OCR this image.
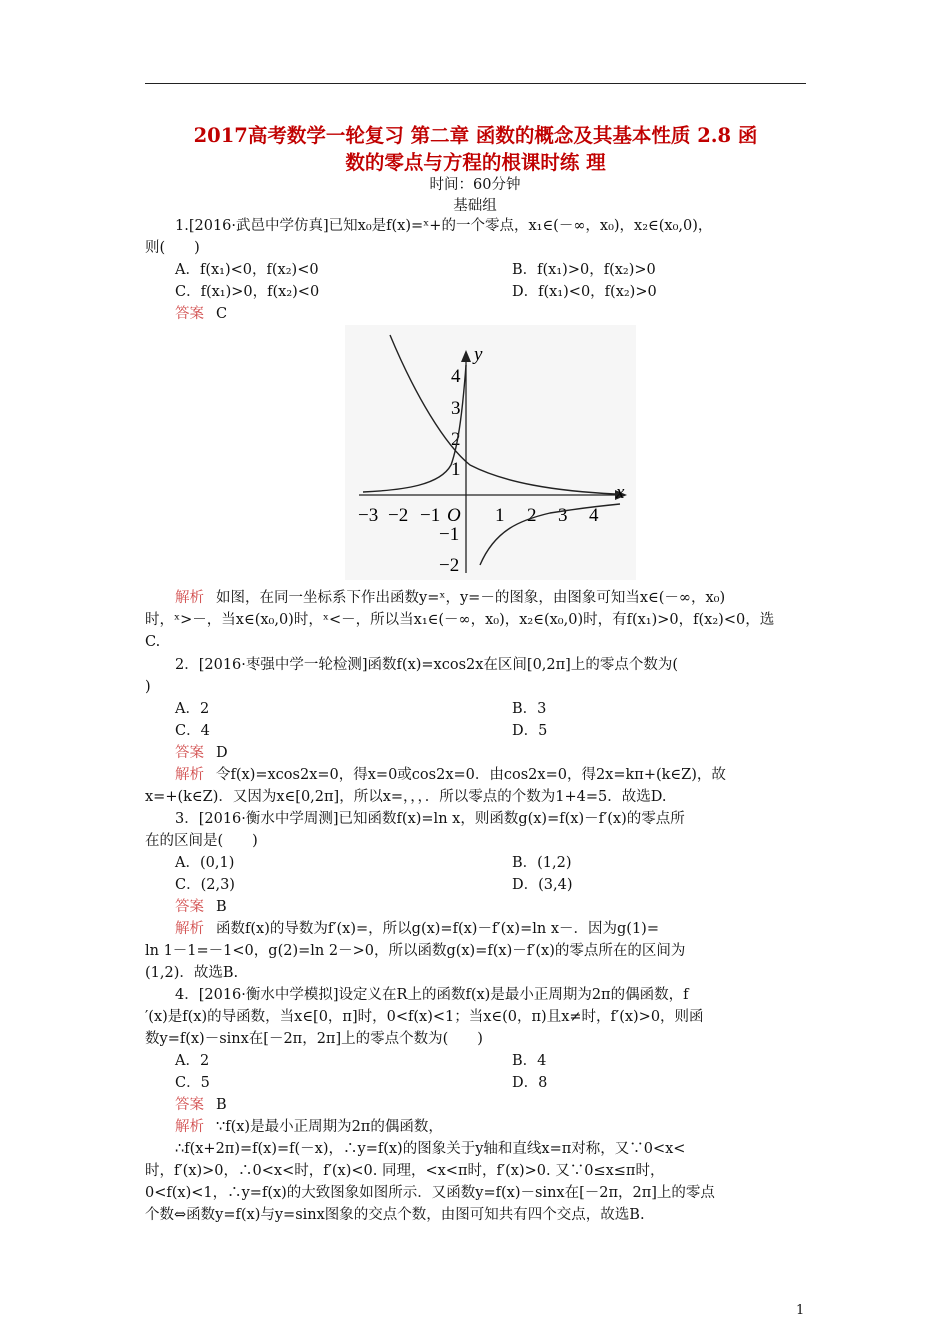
2017高考数学一轮复习 第二章 函数的概念及其基本性质 2.8 函
数的零点与方程的根课时练 理
时间：60分钟
基础组
1.[2016·武邑中学仿真]已知x₀是f(x)=ˣ+的一个零点，x₁∈(－∞，x₀)，x₂∈(x₀,0)，
则(　　)
A．f(x₁)<0，f(x₂)<0	B．f(x₁)>0，f(x₂)>0
C．f(x₁)>0，f(x₂)<0	D．f(x₁)<0，f(x₂)>0
答案 C
x
y
O
−3 −2 −1	1 2 3 4
4
3
2
1
−1
−2
解析 如图，在同一坐标系下作出函数y=ˣ，y=－的图象，由图象可知当x∈(－∞，x₀)
时，ˣ>－，当x∈(x₀,0)时，ˣ<－，所以当x₁∈(－∞，x₀)，x₂∈(x₀,0)时，有f(x₁)>0，f(x₂)<0，选
C.
2．[2016·枣强中学一轮检测]函数f(x)=xcos2x在区间[0,2π]上的零点个数为(
)
A．2	B．3
C．4	D．5
答案 D
解析 令f(x)=xcos2x=0，得x=0或cos2x=0．由cos2x=0，得2x=kπ+(k∈Z)，故
x=+(k∈Z)．又因为x∈[0,2π]，所以x=，，，．所以零点的个数为1+4=5．故选D.
3．[2016·衡水中学周测]已知函数f(x)=ln x，则函数g(x)=f(x)－f′(x)的零点所
在的区间是(　　)
A．(0,1)	B．(1,2)
C．(2,3)	D．(3,4)
答案 B
解析 函数f(x)的导数为f′(x)=，所以g(x)=f(x)－f′(x)=ln x－．因为g(1)=
ln 1－1=－1<0，g(2)=ln 2－>0，所以函数g(x)=f(x)－f′(x)的零点所在的区间为
(1,2)．故选B.
4．[2016·衡水中学模拟]设定义在R上的函数f(x)是最小正周期为2π的偶函数，f
′(x)是f(x)的导函数，当x∈[0，π]时，0<f(x)<1；当x∈(0，π)且x≠时，f′(x)>0，则函
数y=f(x)－sinx在[－2π，2π]上的零点个数为(　　)
A．2	B．4
C．5	D．8
答案 B
解析 ∵f(x)是最小正周期为2π的偶函数，
∴f(x+2π)=f(x)=f(－x)，∴y=f(x)的图象关于y轴和直线x=π对称，又∵0<x<
时，f′(x)>0，∴0<x<时，f′(x)<0. 同理，<x<π时，f′(x)>0. 又∵0≤x≤π时，
0<f(x)<1，∴y=f(x)的大致图象如图所示．又函数y=f(x)－sinx在[－2π，2π]上的零点
个数⇔函数y=f(x)与y=sinx图象的交点个数，由图可知共有四个交点，故选B.
1
